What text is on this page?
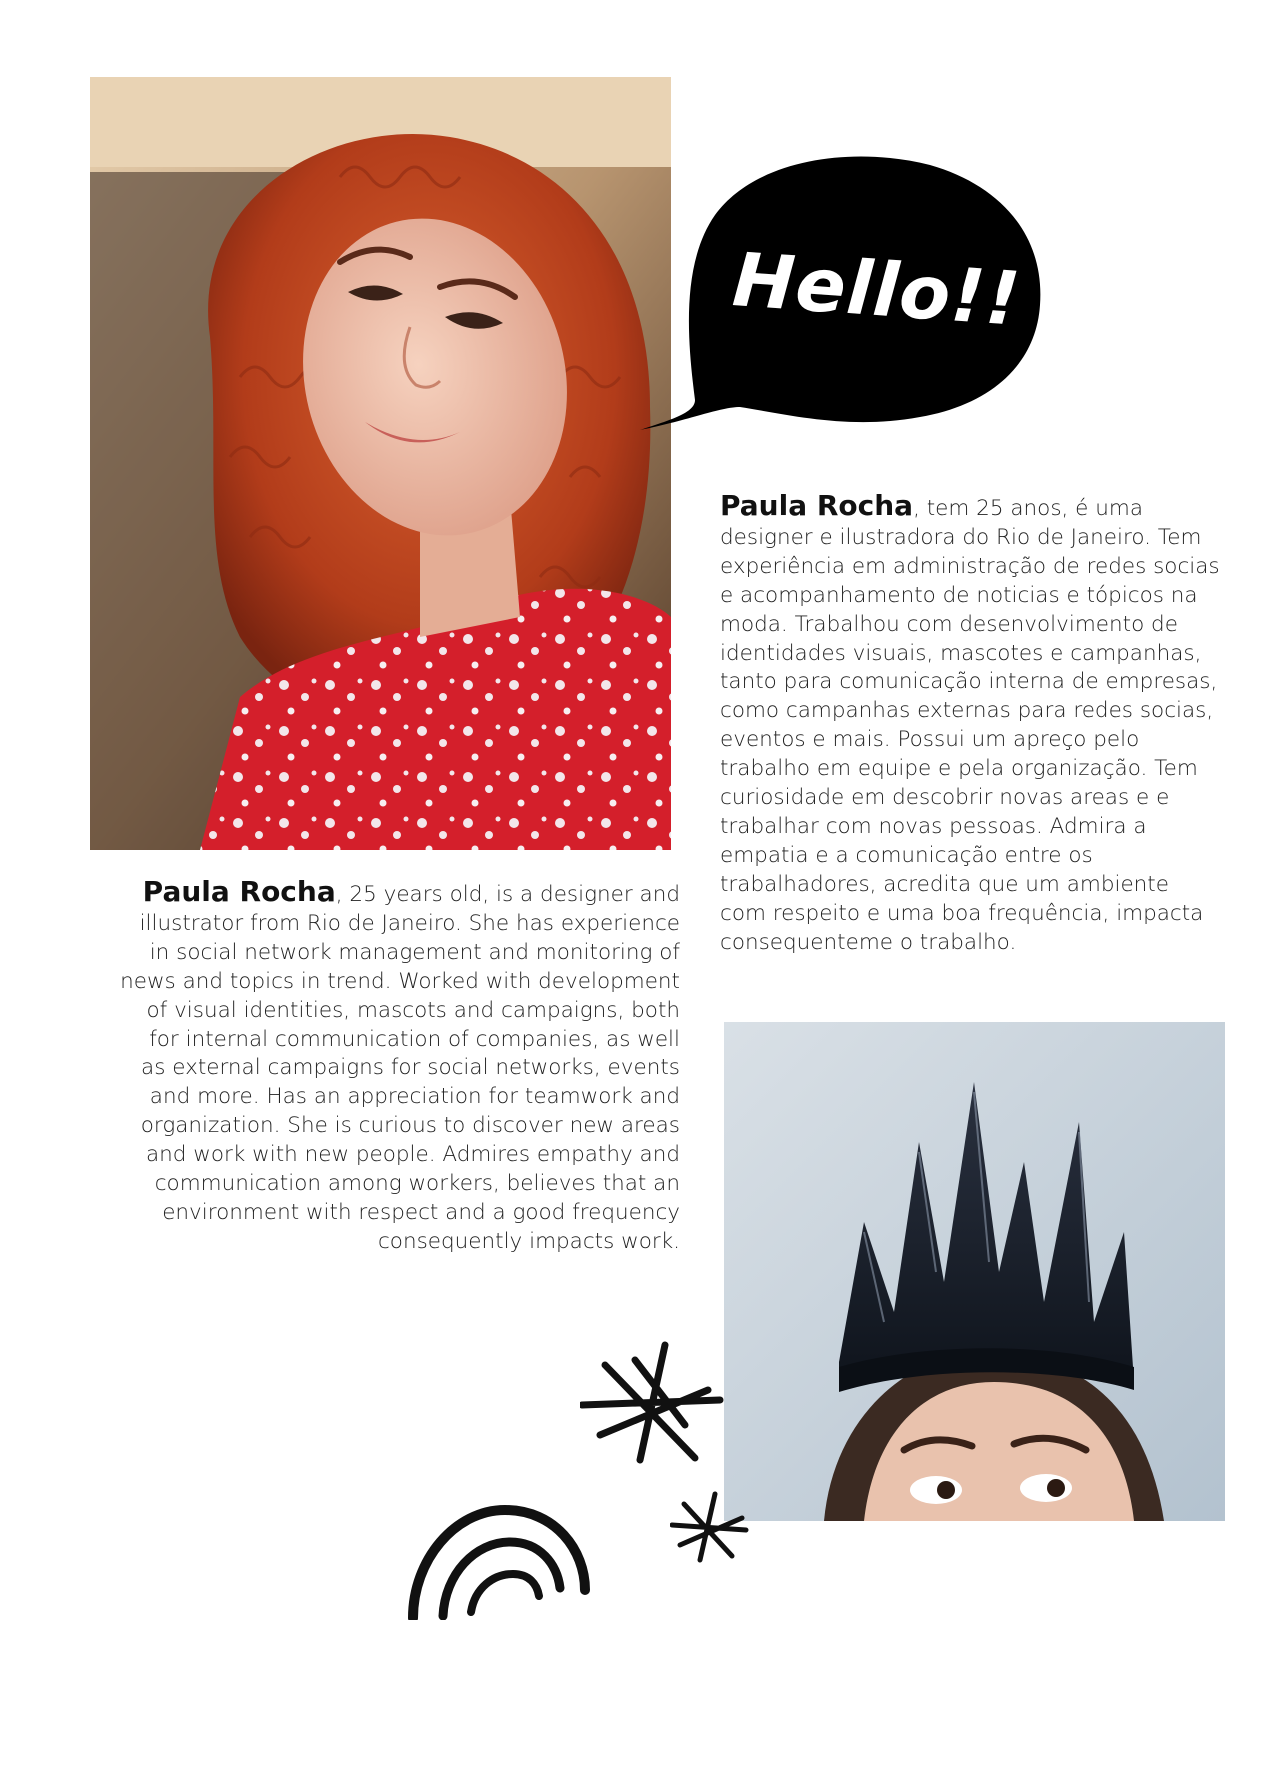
Hello!!

Paula Rocha, tem 25 anos, é uma designer e ilustradora do Rio de Janeiro. Tem experiência em administração de redes socias e acompanhamento de noticias e tópicos na moda. Trabalhou com desenvolvimento de identidades visuais, mascotes e campanhas, tanto para comunicação interna de empresas, como campanhas externas para redes socias, eventos e mais. Possui um apreço pelo trabalho em equipe e pela organização. Tem curiosidade em descobrir novas areas e e trabalhar com novas pessoas. Admira a empatia e a comunicação entre os trabalhadores, acredita que um ambiente com respeito e uma boa frequência, impacta consequenteme o trabalho.

Paula Rocha, 25 years old, is a designer and illustrator from Rio de Janeiro. She has experience in social network management and monitoring of news and topics in trend. Worked with development of visual identities, mascots and campaigns, both for internal communication of companies, as well as external campaigns for social networks, events and more. Has an appreciation for teamwork and organization. She is curious to discover new areas and work with new people. Admires empathy and communication among workers, believes that an environment with respect and a good frequency consequently impacts work.
